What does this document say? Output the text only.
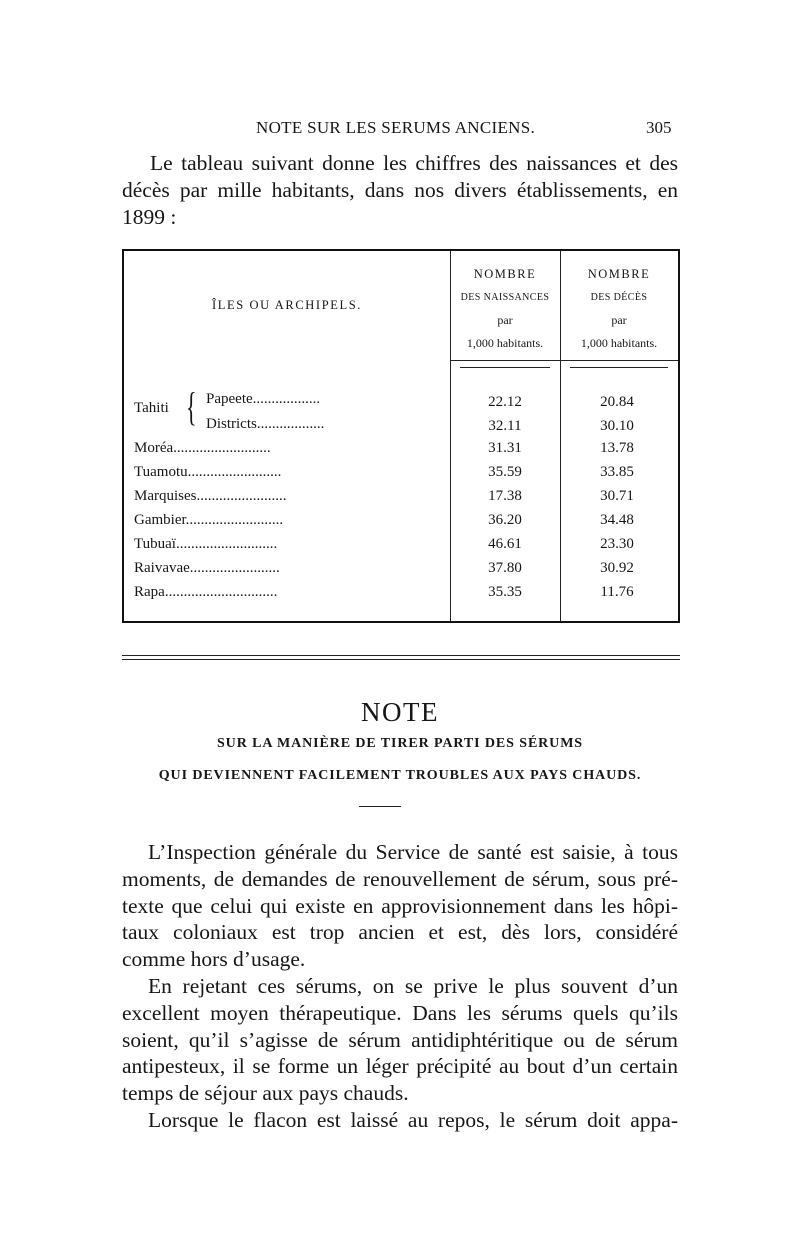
NOTE SUR LES SERUMS ANCIENS.	305
Le tableau suivant donne les chiffres des naissances et des
décès par mille habitants, dans nos divers établissements, en
1899 :
ÎLES OU ARCHIPELS.
NOMBRE
DES NAISSANCES
par
1,000 habitants.
NOMBRE
DES DÉCÈS
par
1,000 habitants.
Tahiti { Papeete..................	22.12	20.84
Districts..................	32.11	30.10
Moréa..........................	31.31	13.78
Tuamotu.........................	35.59	33.85
Marquises........................	17.38	30.71
Gambier..........................	36.20	34.48
Tubuaï...........................	46.61	23.30
Raivavae........................	37.80	30.92
Rapa..............................	35.35	11.76
NOTE
SUR LA MANIÈRE DE TIRER PARTI DES SÉRUMS
QUI DEVIENNENT FACILEMENT TROUBLES AUX PAYS CHAUDS.
L’Inspection générale du Service de santé est saisie, à tous
moments, de demandes de renouvellement de sérum, sous pré-
texte que celui qui existe en approvisionnement dans les hôpi-
taux coloniaux est trop ancien et est, dès lors, considéré
comme hors d’usage.
En rejetant ces sérums, on se prive le plus souvent d’un
excellent moyen thérapeutique. Dans les sérums quels qu’ils
soient, qu’il s’agisse de sérum antidiphtéritique ou de sérum
antipesteux, il se forme un léger précipité au bout d’un certain
temps de séjour aux pays chauds.
Lorsque le flacon est laissé au repos, le sérum doit appa-
